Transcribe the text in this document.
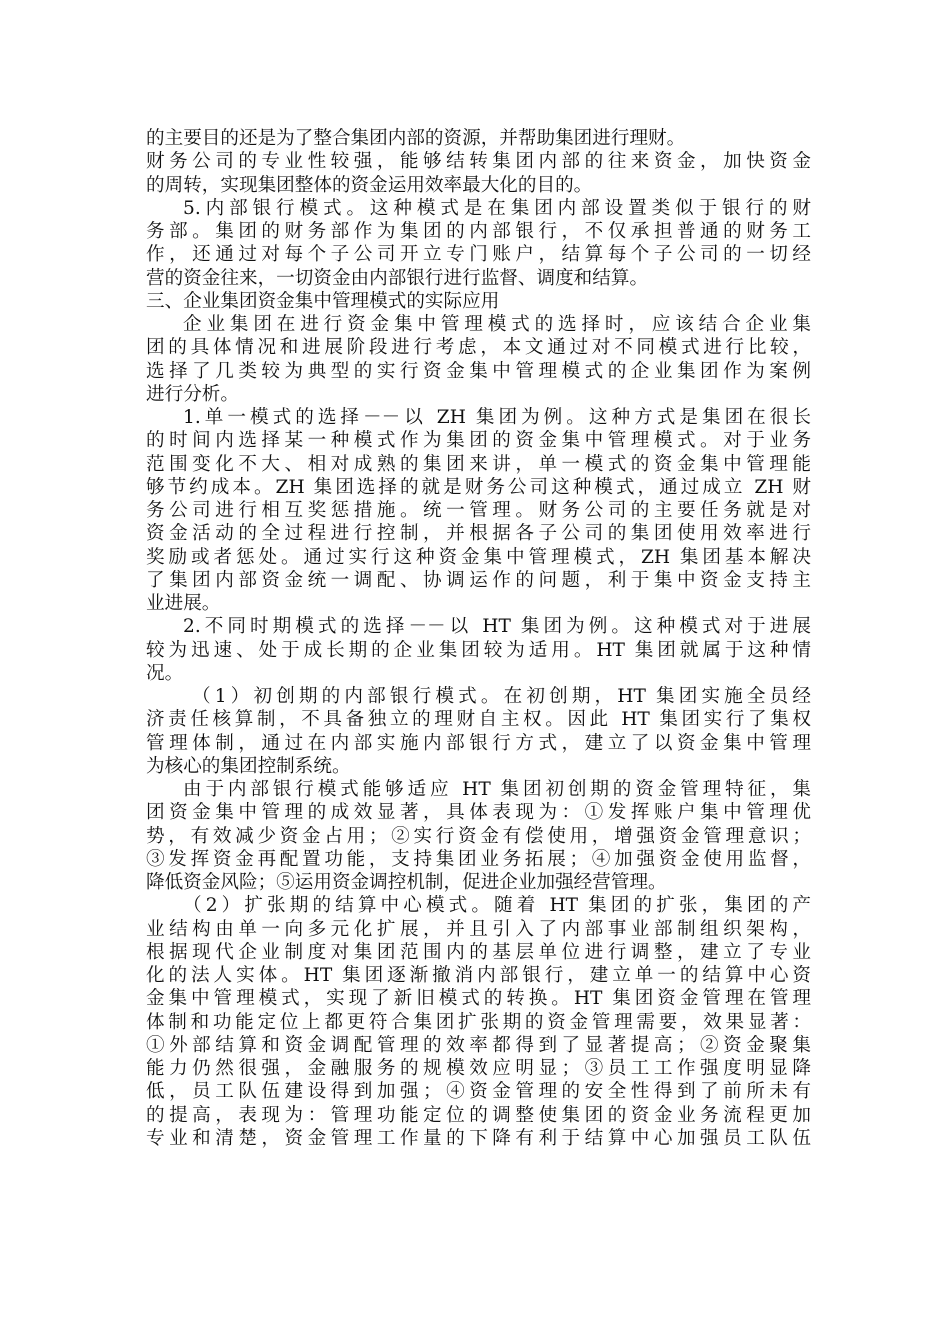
的主要目的还是为了整合集团内部的资源，并帮助集团进行理财。
财务公司的专业性较强，能够结转集团内部的往来资金，加快资金
的周转，实现集团整体的资金运用效率最大化的目的。
5.内部银行模式。这种模式是在集团内部设置类似于银行的财
务部。集团的财务部作为集团的内部银行，不仅承担普通的财务工
作，还通过对每个子公司开立专门账户，结算每个子公司的一切经
营的资金往来，一切资金由内部银行进行监督、调度和结算。
三、企业集团资金集中管理模式的实际应用
企业集团在进行资金集中管理模式的选择时，应该结合企业集
团的具体情况和进展阶段进行考虑，本文通过对不同模式进行比较，
选择了几类较为典型的实行资金集中管理模式的企业集团作为案例
进行分析。
1.单一模式的选择－－以 ZH 集团为例。这种方式是集团在很长
的时间内选择某一种模式作为集团的资金集中管理模式。对于业务
范围变化不大、相对成熟的集团来讲，单一模式的资金集中管理能
够节约成本。ZH 集团选择的就是财务公司这种模式，通过成立 ZH 财
务公司进行相互奖惩措施。统一管理。财务公司的主要任务就是对
资金活动的全过程进行控制，并根据各子公司的集团使用效率进行
奖励或者惩处。通过实行这种资金集中管理模式，ZH 集团基本解决
了集团内部资金统一调配、协调运作的问题，利于集中资金支持主
业进展。
2.不同时期模式的选择－－以 HT 集团为例。这种模式对于进展
较为迅速、处于成长期的企业集团较为适用。HT 集团就属于这种情
况。
（1）初创期的内部银行模式。在初创期，HT 集团实施全员经
济责任核算制，不具备独立的理财自主权。因此 HT 集团实行了集权
管理体制，通过在内部实施内部银行方式，建立了以资金集中管理
为核心的集团控制系统。
由于内部银行模式能够适应 HT 集团初创期的资金管理特征，集
团资金集中管理的成效显著，具体表现为：①发挥账户集中管理优
势，有效减少资金占用；②实行资金有偿使用，增强资金管理意识；
③发挥资金再配置功能，支持集团业务拓展；④加强资金使用监督，
降低资金风险；⑤运用资金调控机制，促进企业加强经营管理。
（2）扩张期的结算中心模式。随着 HT 集团的扩张，集团的产
业结构由单一向多元化扩展，并且引入了内部事业部制组织架构，
根据现代企业制度对集团范围内的基层单位进行调整，建立了专业
化的法人实体。HT 集团逐渐撤消内部银行，建立单一的结算中心资
金集中管理模式，实现了新旧模式的转换。HT 集团资金管理在管理
体制和功能定位上都更符合集团扩张期的资金管理需要，效果显著：
①外部结算和资金调配管理的效率都得到了显著提高；②资金聚集
能力仍然很强，金融服务的规模效应明显；③员工工作强度明显降
低，员工队伍建设得到加强；④资金管理的安全性得到了前所未有
的提高，表现为：管理功能定位的调整使集团的资金业务流程更加
专业和清楚，资金管理工作量的下降有利于结算中心加强员工队伍
